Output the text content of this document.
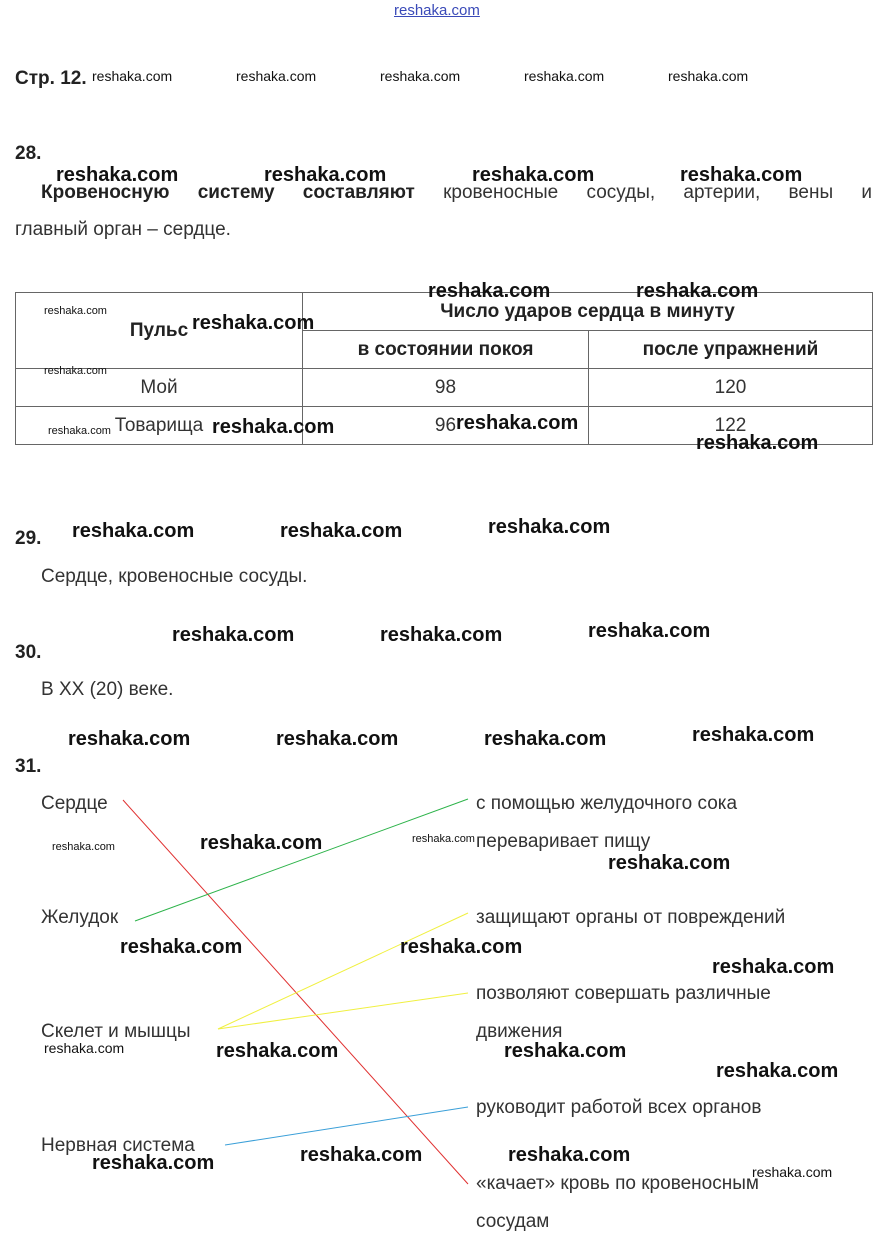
reshaka.com
Стр. 12.
28.
Кровеносную систему составляют кровеносные сосуды, артерии, вены и
главный орган – сердце.
Пульс	Число ударов сердца в минуту	
	в состоянии покоя	после упражнений
Мой	98	120
Товарища	96	122
29.
Сердце, кровеносные сосуды.
30.
В XX (20) веке.
31.
Сердце
Желудок
Скелет и мышцы
Нервная система
с помощью желудочного сока
переваривает пищу
защищают органы от повреждений
позволяют совершать различные
движения
руководит работой всех органов
«качает» кровь по кровеносным
сосудам
reshaka.com	reshaka.com	reshaka.com	reshaka.com	reshaka.com
reshaka.com	reshaka.com	reshaka.com	reshaka.com
reshaka.com	reshaka.com
reshaka.com
reshaka.com
reshaka.com
reshaka.com
reshaka.com
reshaka.com
reshaka.com
reshaka.com	reshaka.com	reshaka.com
reshaka.com	reshaka.com	reshaka.com
reshaka.com	reshaka.com	reshaka.com	reshaka.com
reshaka.com	reshaka.com
reshaka.com
reshaka.com
reshaka.com	reshaka.com
reshaka.com
reshaka.com	reshaka.com	reshaka.com
reshaka.com
reshaka.com	reshaka.com
reshaka.com	reshaka.com
